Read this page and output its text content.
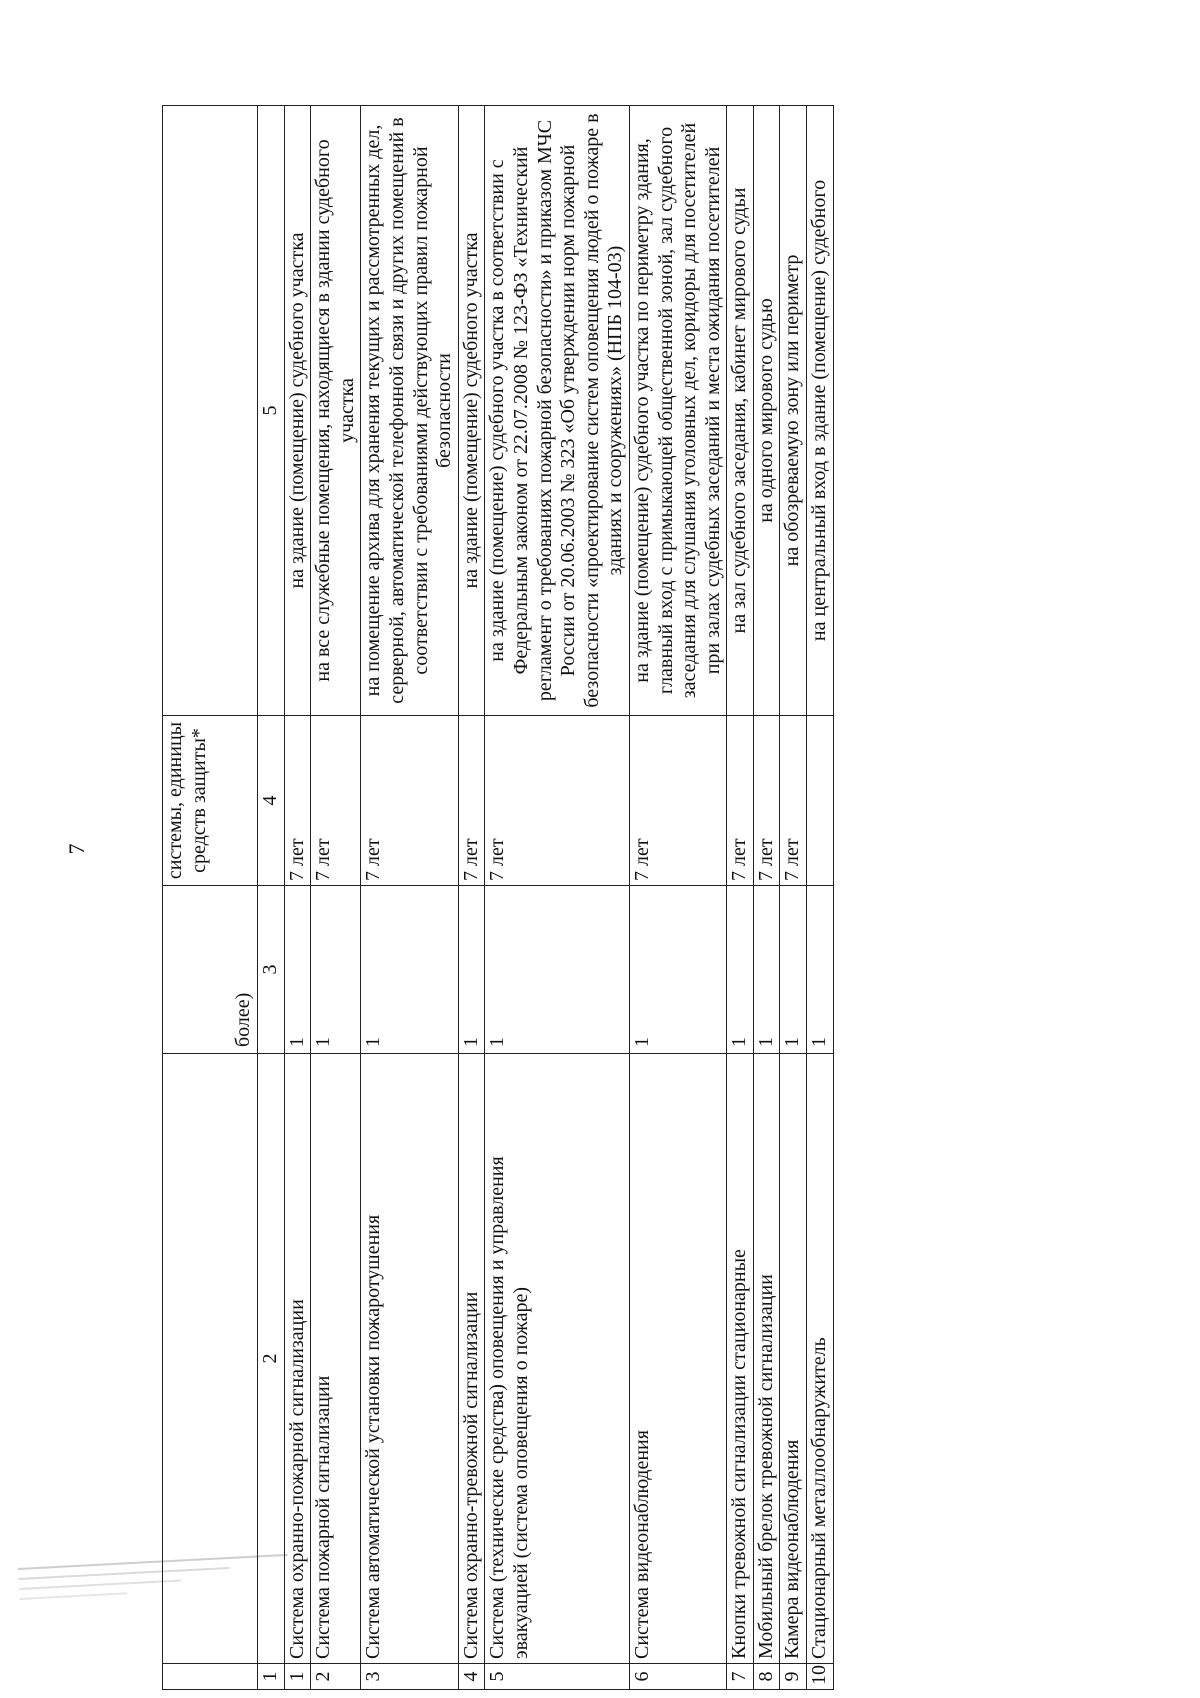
7
		более)	системы, единицы средств защиты*	
1	2	3	4	5
1	Система охранно-пожарной сигнализации	1	7 лет	на здание (помещение) судебного участка
2	Система пожарной сигнализации	1	7 лет	на все служебные помещения, находящиеся в здании судебного участка
3	Система автоматической установки пожаротушения	1	7 лет	на помещение архива для хранения текущих и рассмотренных дел, серверной, автоматической телефонной связи и других помещений в соответствии с требованиями действующих правил пожарной безопасности
4	Система охранно-тревожной сигнализации	1	7 лет	на здание (помещение) судебного участка
5	Система (технические средства) оповещения и управления эвакуацией (система оповещения о пожаре)	1	7 лет	на здание (помещение) судебного участка в соответствии с Федеральным законом от 22.07.2008 № 123-ФЗ «Технический регламент о требованиях пожарной безопасности» и приказом МЧС России от 20.06.2003 № 323 «Об утверждении норм пожарной безопасности «проектирование систем оповещения людей о пожаре в зданиях и сооружениях» (НПБ 104-03)
6	Система видеонаблюдения	1	7 лет	на здание (помещение) судебного участка по периметру здания, главный вход с примыкающей общественной зоной, зал судебного заседания для слушания уголовных дел, коридоры для посетителей при залах судебных заседаний и места ожидания посетителей
7	Кнопки тревожной сигнализации стационарные	1	7 лет	на зал судебного заседания, кабинет мирового судьи
8	Мобильный брелок тревожной сигнализации	1	7 лет	на одного мирового судью
9	Камера видеонаблюдения	1	7 лет	на обозреваемую зону или периметр
10	Стационарный металлообнаружитель	1		на центральный вход в здание (помещение) судебного
